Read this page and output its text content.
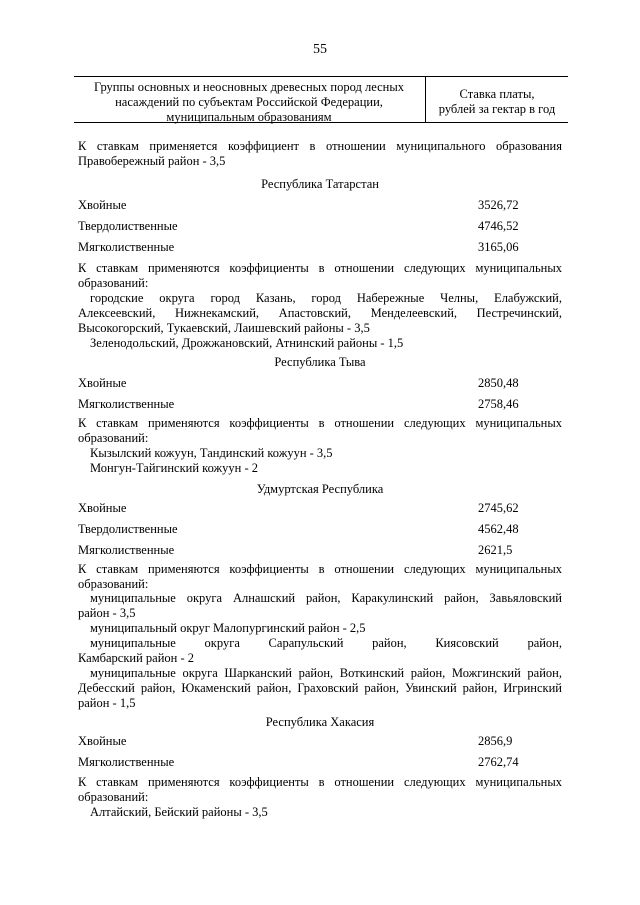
55
Группы основных и неосновных древесных пород лесных
насаждений по субъектам Российской Федерации,
муниципальным образованиям
Ставка платы,
рублей за гектар в год
К ставкам применяется коэффициент в отношении муниципального образования
Правобережный район - 3,5
Республика Татарстан
Хвойные	3526,72
Твердолиственные	4746,52
Мягколиственные	3165,06
К ставкам применяются коэффициенты в отношении следующих муниципальных
образований:
городские округа город Казань, город Набережные Челны, Елабужский,
Алексеевский, Нижнекамский, Апастовский, Менделеевский, Пестречинский,
Высокогорский, Тукаевский, Лаишевский районы - 3,5
Зеленодольский, Дрожжановский, Атнинский районы - 1,5
Республика Тыва
Хвойные	2850,48
Мягколиственные	2758,46
К ставкам применяются коэффициенты в отношении следующих муниципальных
образований:
Кызылский кожуун, Тандинский кожуун - 3,5
Монгун-Тайгинский кожуун - 2
Удмуртская Республика
Хвойные	2745,62
Твердолиственные	4562,48
Мягколиственные	2621,5
К ставкам применяются коэффициенты в отношении следующих муниципальных
образований:
муниципальные округа Алнашский район, Каракулинский район, Завьяловский
район - 3,5
муниципальный округ Малопургинский район - 2,5
муниципальные округа Сарапульский район, Киясовский район,
Камбарский район - 2
муниципальные округа Шарканский район, Воткинский район, Можгинский район,
Дебесский район, Юкаменский район, Граховский район, Увинский район, Игринский
район - 1,5
Республика Хакасия
Хвойные	2856,9
Мягколиственные	2762,74
К ставкам применяются коэффициенты в отношении следующих муниципальных
образований:
Алтайский, Бейский районы - 3,5
